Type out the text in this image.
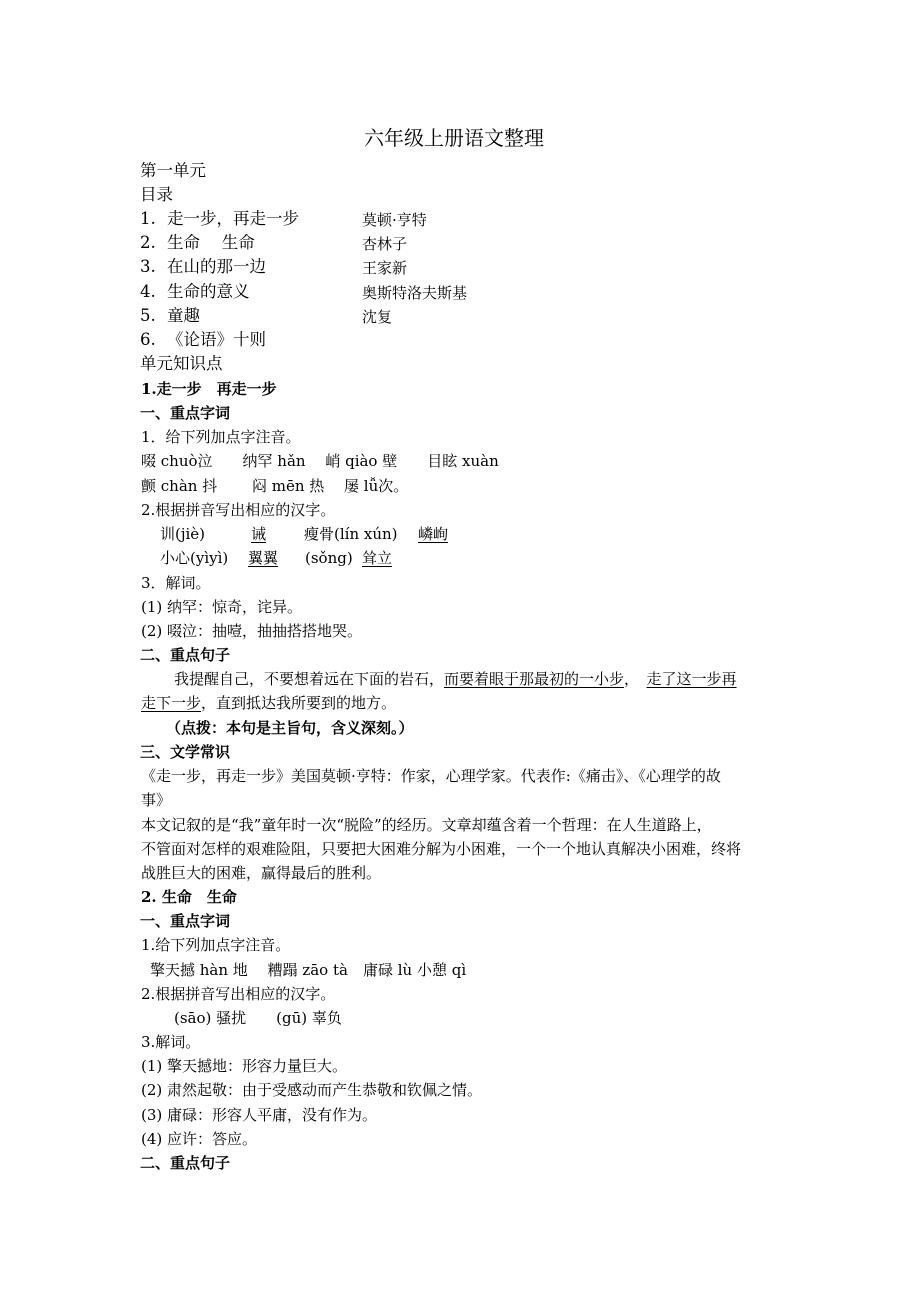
六年级上册语文整理
第一单元
目录
1. 走一步，再走一步	莫顿·亨特
2. 生命　 生命	杏林子
3. 在山的那一边	王家新
4. 生命的意义	奥斯特洛夫斯基
5. 童趣	沈复
6. 《论语》十则
单元知识点
1.走一步　再走一步
一、重点字词
1．给下列加点字注音。
啜 chuò泣　　纳罕 hǎn　 峭 qiào 壁　　目眩 xuàn
颤 chàn 抖　　 闷 mēn 热　 屡 lǚ次。
2.根据拼音写出相应的汉字。
训(jiè)	诫	瘦骨(lín xún) 嶙峋
小心(yìyì) 翼翼 (sǒng) 耸立
3．解词。
(1) 纳罕：惊奇，诧异。
(2) 啜泣：抽噎，抽抽搭搭地哭。
二、重点句子
我提醒自己，不要想着远在下面的岩石，而要着眼于那最初的一小步，　走了这一步再
走下一步，直到抵达我所要到的地方。
（点拨：本句是主旨句，含义深刻。）
三、文学常识
《走一步，再走一步》美国莫顿·亨特：作家，心理学家。代表作:《痛击》、《心理学的故
事》
本文记叙的是“我”童年时一次“脱险”的经历。文章却蕴含着一个哲理：在人生道路上，
不管面对怎样的艰难险阻，只要把大困难分解为小困难，一个一个地认真解决小困难，终将
战胜巨大的困难，赢得最后的胜利。
2. 生命　生命
一、重点字词
1.给下列加点字注音。
擎天撼 hàn 地　 糟蹋 zāo tà　庸碌 lù 小憩 qì
2.根据拼音写出相应的汉字。
(sāo) 骚扰　　(gū) 辜负
3.解词。
(1) 擎天撼地：形容力量巨大。
(2) 肃然起敬：由于受感动而产生恭敬和钦佩之情。
(3) 庸碌：形容人平庸，没有作为。
(4) 应许：答应。
二、重点句子
